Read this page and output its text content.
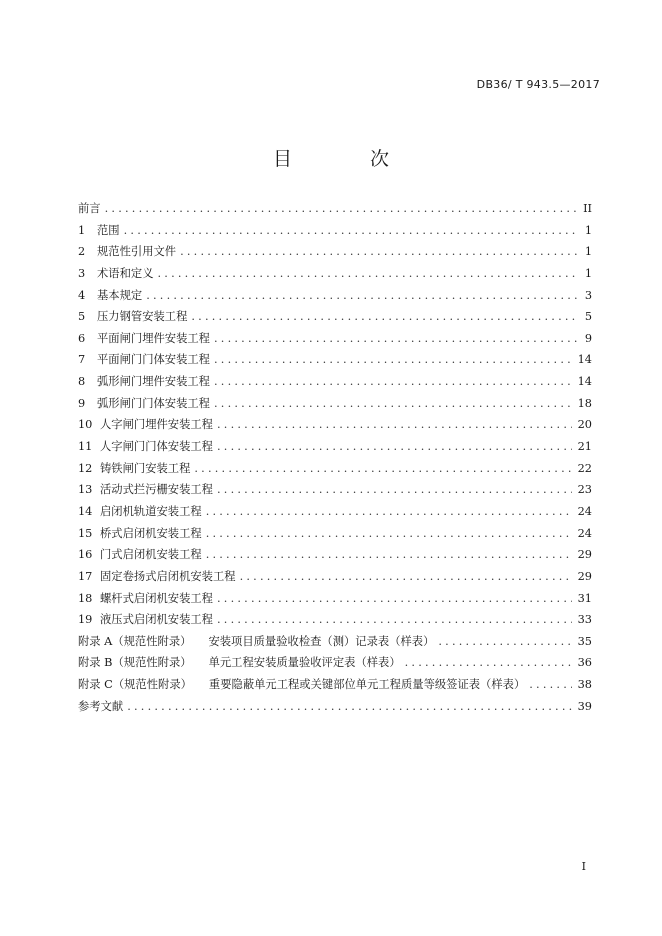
DB36/ T 943.5—2017
目 次
前言 .....	II
1	范围 .....	1
2	规范性引用文件 .....	1
3	术语和定义 .....	1
4	基本规定 .....	3
5	压力钢管安装工程 .....	5
6	平面闸门埋件安装工程 .....	9
7	平面闸门门体安装工程 .....	14
8	弧形闸门埋件安装工程 .....	14
9	弧形闸门门体安装工程 .....	18
10 人字闸门埋件安装工程 .....	20
11 人字闸门门体安装工程 .....	21
12 铸铁闸门安装工程 .....	22
13 活动式拦污栅安装工程 .....	23
14 启闭机轨道安装工程 .....	24
15 桥式启闭机安装工程 .....	24
16 门式启闭机安装工程 .....	29
17 固定卷扬式启闭机安装工程 .....	29
18 螺杆式启闭机安装工程 .....	31
19 液压式启闭机安装工程 .....	33
附录 A（规范性附录） 安装项目质量验收检查（测）记录表（样表） .....	35
附录 B（规范性附录） 单元工程安装质量验收评定表（样表） .....	36
附录 C（规范性附录） 重要隐蔽单元工程或关键部位单元工程质量等级签证表（样表） .....	38
参考文献 .....	39
I
